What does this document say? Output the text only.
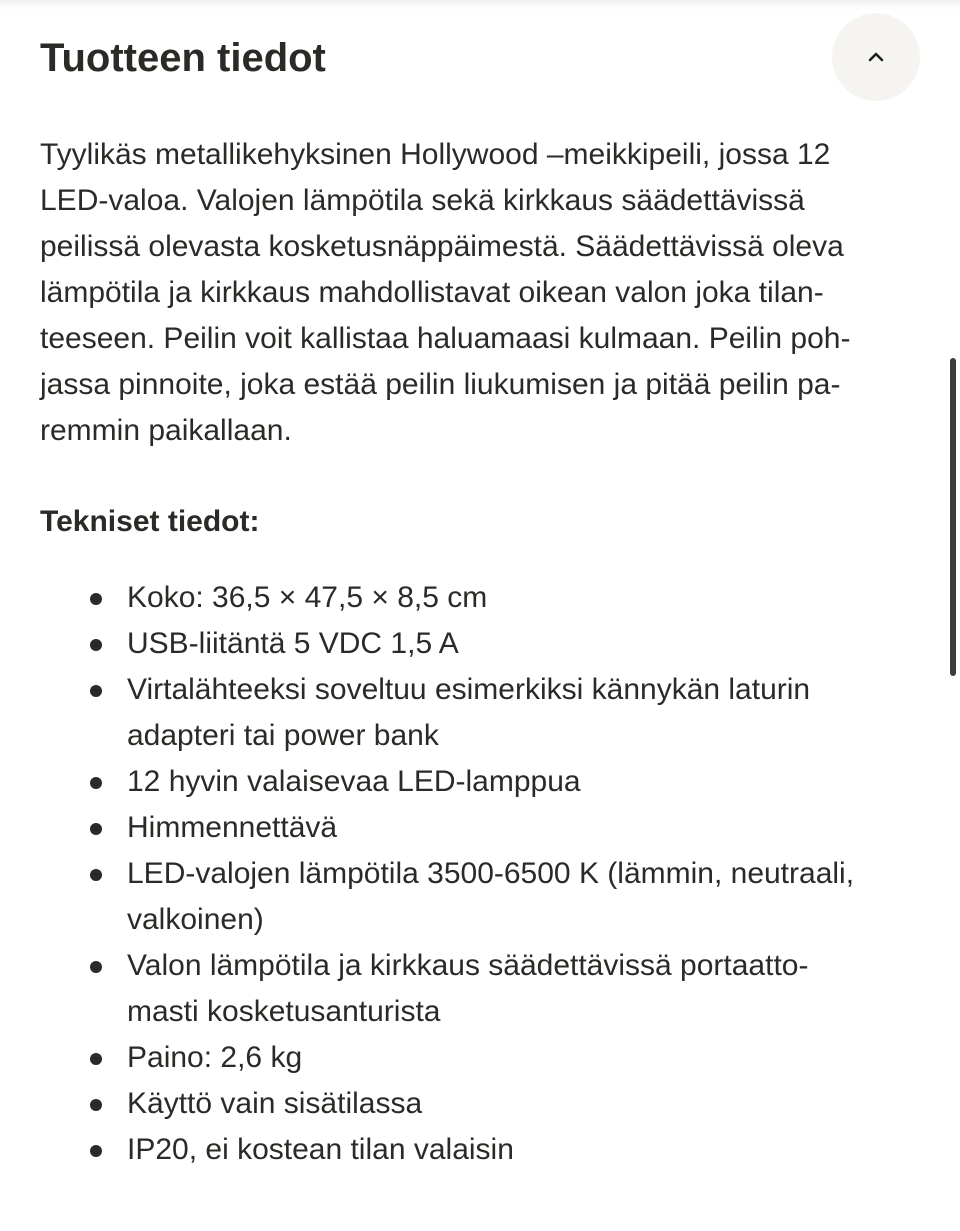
Tuotteen tiedot

Tyylikäs metallikehyksinen Hollywood –meikkipeili, jossa 12
LED-valoa. Valojen lämpötila sekä kirkkaus säädettävissä
peilissä olevasta kosketusnäppäimestä. Säädettävissä oleva
lämpötila ja kirkkaus mahdollistavat oikean valon joka tilan-
teeseen. Peilin voit kallistaa haluamaasi kulmaan. Peilin poh-
jassa pinnoite, joka estää peilin liukumisen ja pitää peilin pa-
remmin paikallaan.

Tekniset tiedot:
Koko: 36,5 × 47,5 × 8,5 cm
USB-liitäntä 5 VDC 1,5 A
Virtalähteeksi soveltuu esimerkiksi kännykän laturin
adapteri tai power bank
12 hyvin valaisevaa LED-lamppua
Himmennettävä
LED-valojen lämpötila 3500-6500 K (lämmin, neutraali,
valkoinen)
Valon lämpötila ja kirkkaus säädettävissä portaatto-
masti kosketusanturista
Paino: 2,6 kg
Käyttö vain sisätilassa
IP20, ei kostean tilan valaisin
